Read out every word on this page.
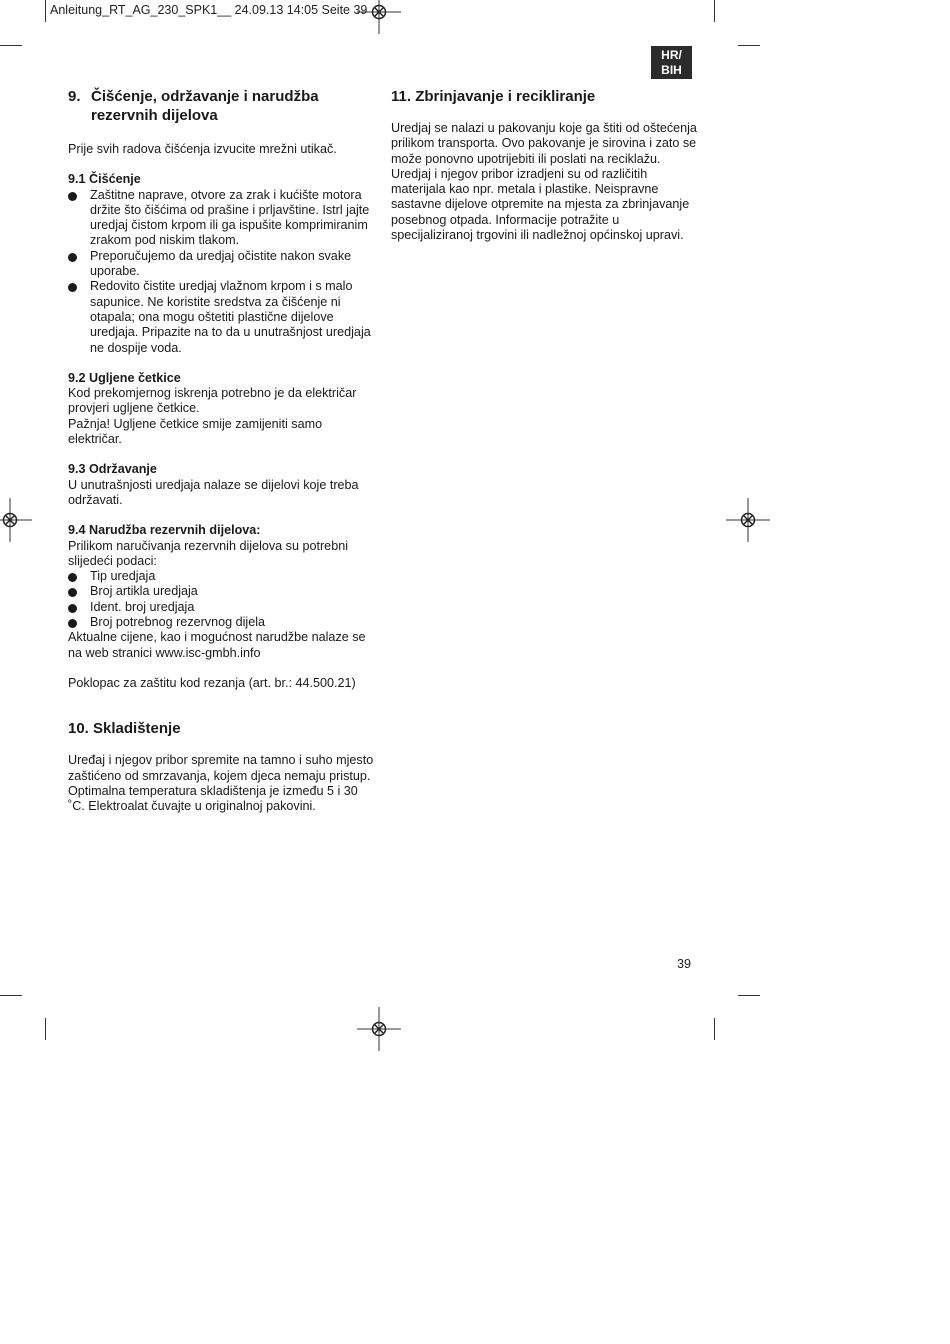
Anleitung_RT_AG_230_SPK1__ 24.09.13 14:05 Seite 39
HR/
BIH
9. Čišćenje, održavanje i narudžba
rezervnih dijelova

Prije svih radova čišćenja izvucite mrežni utikač.

9.1 Čišćenje

Zaštitne naprave, otvore za zrak i kućište motora držite što čišćima od prašine i prljavštine. Istrl jajte uredjaj čistom krpom ili ga ispušite komprimiranim zrakom pod niskim tlakom.
Preporučujemo da uredjaj očistite nakon svake uporabe.
Redovito čistite uredjaj vlažnom krpom i s malo sapunice. Ne koristite sredstva za čišćenje ni otapala; ona mogu oštetiti plastične dijelove uredjaja. Pripazite na to da u unutrašnjost uredjaja ne dospije voda.

9.2 Ugljene četkice

Kod prekomjernog iskrenja potrebno je da električar provjeri ugljene četkice.

Pažnja! Ugljene četkice smije zamijeniti samo električar.

9.3 Održavanje

U unutrašnjosti uredjaja nalaze se dijelovi koje treba održavati.

9.4 Narudžba rezervnih dijelova:

Prilikom naručivanja rezervnih dijelova su potrebni slijedeći podaci:

Tip uredjaja
Broj artikla uredjaja
Ident. broj uredjaja
Broj potrebnog rezervnog dijela

Aktualne cijene, kao i mogućnost narudžbe nalaze se na web stranici www.isc-gmbh.info

Poklopac za zaštitu kod rezanja (art. br.: 44.500.21)

10. Skladištenje

Uređaj i njegov pribor spremite na tamno i suho mjesto zaštićeno od smrzavanja, kojem djeca nemaju pristup. Optimalna temperatura skladištenja je između 5 i 30 ˚C. Elektroalat čuvajte u originalnoj pakovini.

11. Zbrinjavanje i recikliranje

Uredjaj se nalazi u pakovanju koje ga štiti od oštećenja prilikom transporta. Ovo pakovanje je sirovina i zato se može ponovno upotrijebiti ili poslati na reciklažu.

Uredjaj i njegov pribor izradjeni su od različitih materijala kao npr. metala i plastike. Neispravne sastavne dijelove otpremite na mjesta za zbrinjavanje posebnog otpada. Informacije potražite u specijaliziranoj trgovini ili nadležnoj općinskoj upravi.

39
